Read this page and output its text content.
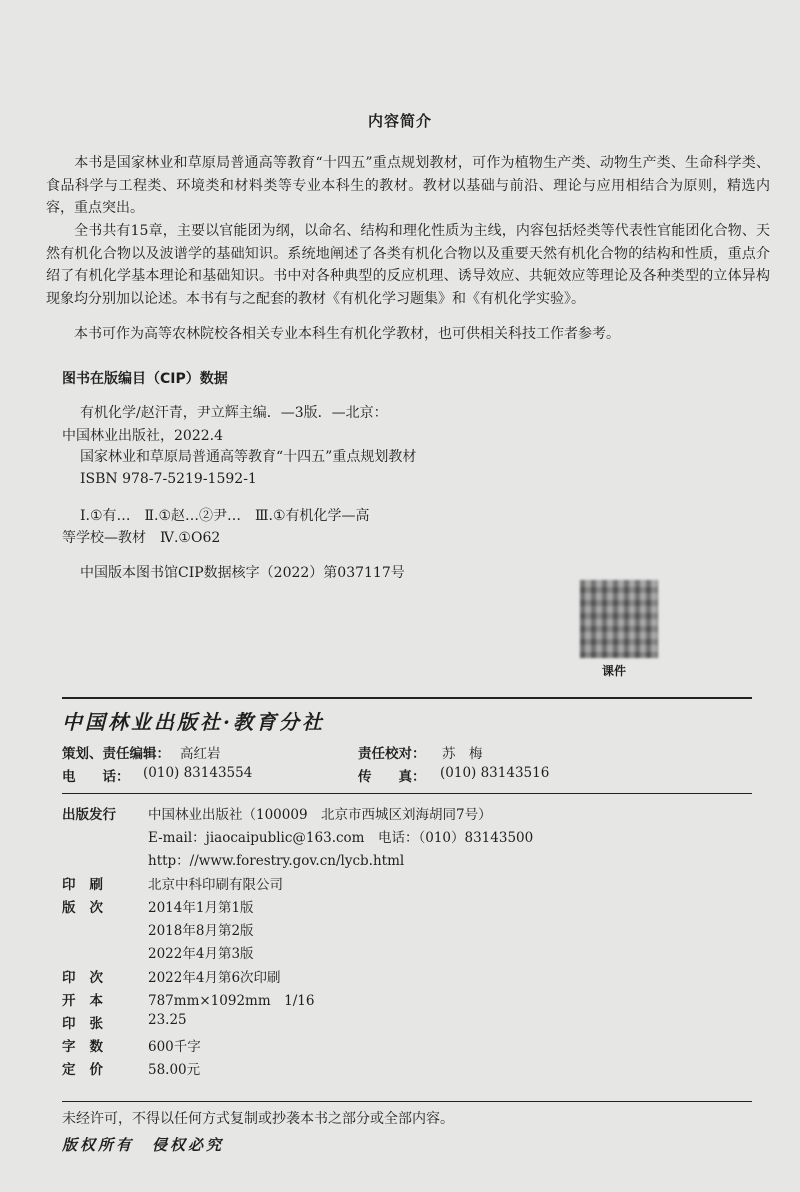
内容简介

本书是国家林业和草原局普通高等教育“十四五”重点规划教材，可作为植物生产类、动物生产类、生命科学类、食品科学与工程类、环境类和材料类等专业本科生的教材。教材以基础与前沿、理论与应用相结合为原则，精选内容，重点突出。

全书共有15章，主要以官能团为纲，以命名、结构和理化性质为主线，内容包括烃类等代表性官能团化合物、天然有机化合物以及波谱学的基础知识。系统地阐述了各类有机化合物以及重要天然有机化合物的结构和性质，重点介绍了有机化学基本理论和基础知识。书中对各种典型的反应机理、诱导效应、共轭效应等理论及各种类型的立体异构现象均分别加以论述。本书有与之配套的教材《有机化学习题集》和《有机化学实验》。

本书可作为高等农林院校各相关专业本科生有机化学教材，也可供相关科技工作者参考。

图书在版编目（CIP）数据
有机化学/赵汗青，尹立辉主编．—3版．—北京：
中国林业出版社，2022.4
国家林业和草原局普通高等教育“十四五”重点规划教材
ISBN 978-7-5219-1592-1
Ⅰ.①有…　Ⅱ.①赵…②尹…　Ⅲ.①有机化学—高
等学校—教材　Ⅳ.①O62
中国版本图书馆CIP数据核字（2022）第037117号
课件
中国林业出版社·教育分社
策划、责任编辑： 高红岩	责任校对： 苏　梅
电　　话： (010) 83143554	传　　真： (010) 83143516
出版发行 中国林业出版社（100009　北京市西城区刘海胡同7号）
E-mail：jiaocaipublic@163.com　电话：（010）83143500
http：//www.forestry.gov.cn/lycb.html
印刷 北京中科印刷有限公司
版次 2014年1月第1版
2018年8月第2版
2022年4月第3版
印次 2022年4月第6次印刷
开本 787mm×1092mm　1/16
印张 23.25
字数 600千字
定价 58.00元
未经许可，不得以任何方式复制或抄袭本书之部分或全部内容。
版权所有　侵权必究
